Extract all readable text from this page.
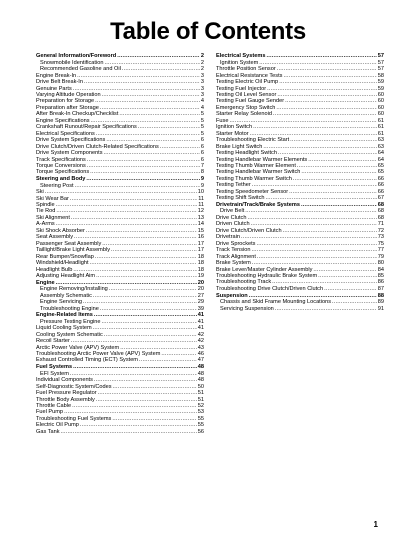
Table of Contents
General Information/Foreword .....	2
Snowmobile Identification .....	2
Recommended Gasoline and Oil .....	2
Engine Break-In .....	3
Drive Belt Break-In .....	3
Genuine Parts .....	3
Varying Altitude Operation .....	3
Preparation for Storage .....	4
Preparation after Storage .....	4
After Break-In Checkup/Checklist .....	5
Engine Specifications .....	5
Crankshaft Runout/Repair Specifications .....	5
Electrical Specifications .....	5
Drive System Specifications .....	6
Drive Clutch/Driven Clutch-Related Specifications .....	6
Drive System Components .....	6
Track Specifications .....	6
Torque Conversions .....	7
Torque Specifications .....	8
Steering and Body .....	9
Steering Post .....	9
Ski .....	10
Ski Wear Bar .....	11
Spindle .....	11
Tie Rod .....	12
Ski Alignment .....	13
A-Arms .....	14
Ski Shock Absorber .....	15
Seat Assembly .....	16
Passenger Seat Assembly .....	17
Taillight/Brake Light Assembly .....	17
Rear Bumper/Snowflap .....	18
Windshield/Headlight .....	18
Headlight Bulb .....	18
Adjusting Headlight Aim .....	19
Engine .....	20
Engine Removing/Installing .....	20
Assembly Schematic .....	27
Engine Servicing .....	29
Troubleshooting Engine .....	39
Engine-Related Items .....	41
Pressure Testing Engine .....	41
Liquid Cooling System .....	41
Cooling System Schematic .....	42
Recoil Starter .....	42
Arctic Power Valve (APV) System .....	43
Troubleshooting Arctic Power Valve (APV) System .....	46
Exhaust Controlled Timing (ECT) System .....	47
Fuel Systems .....	48
EFI System .....	48
Individual Components .....	48
Self-Diagnostic System/Codes .....	50
Fuel Pressure Regulator .....	51
Throttle Body Assembly .....	51
Throttle Cable .....	52
Fuel Pump .....	53
Troubleshooting Fuel Systems .....	55
Electric Oil Pump .....	55
Gas Tank .....	56
Electrical Systems .....	57
Ignition System .....	57
Throttle Position Sensor .....	57
Electrical Resistance Tests .....	58
Testing Electric Oil Pump .....	59
Testing Fuel Injector .....	59
Testing Oil Level Sensor .....	60
Testing Fuel Gauge Sender .....	60
Emergency Stop Switch .....	60
Starter Relay Solenoid .....	60
Fuse .....	61
Ignition Switch .....	61
Starter Motor .....	61
Troubleshooting Electric Start .....	63
Brake Light Switch .....	63
Testing Headlight Switch .....	64
Testing Handlebar Warmer Elements .....	64
Testing Thumb Warmer Element .....	65
Testing Handlebar Warmer Switch .....	65
Testing Thumb Warmer Switch .....	66
Testing Tether .....	66
Testing Speedometer Sensor .....	66
Testing Shift Switch .....	67
Drivetrain/Track/Brake Systems .....	68
Drive Belt .....	68
Drive Clutch .....	68
Driven Clutch .....	71
Drive Clutch/Driven Clutch .....	72
Drivetrain .....	73
Drive Sprockets .....	75
Track Tension .....	77
Track Alignment .....	79
Brake System .....	80
Brake Lever/Master Cylinder Assembly .....	84
Troubleshooting Hydraulic Brake System .....	85
Troubleshooting Track .....	86
Troubleshooting Drive Clutch/Driven Clutch .....	87
Suspension .....	88
Chassis and Skid Frame Mounting Locations .....	89
Servicing Suspension .....	91
1
